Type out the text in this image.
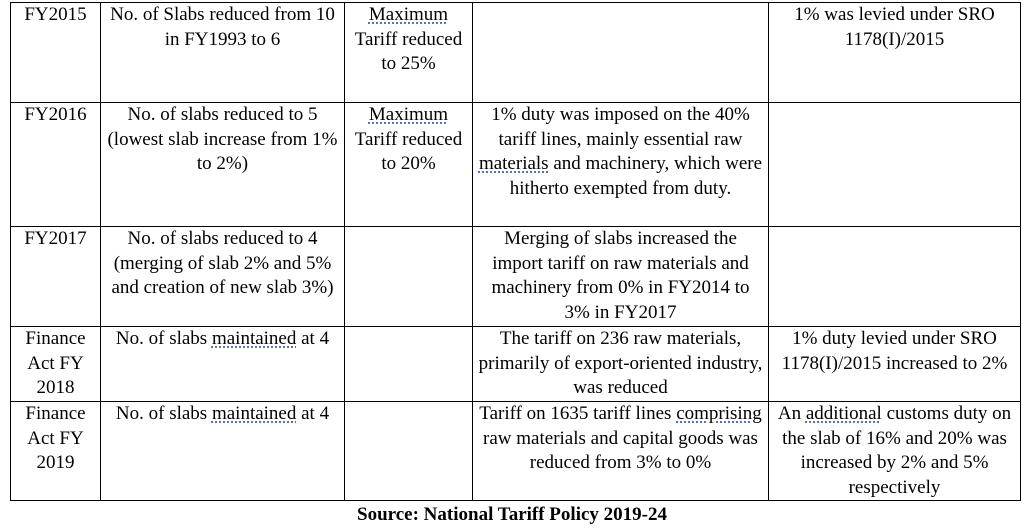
FY2015	No. of Slabs reduced from 10 in FY1993 to 6	Maximum Tariff reduced to 25%		1% was levied under SRO 1178(I)/2015
FY2016	No. of slabs reduced to 5 (lowest slab increase from 1% to 2%)	Maximum Tariff reduced to 20%	1% duty was imposed on the 40% tariff lines, mainly essential raw materials and machinery, which were hitherto exempted from duty.	
FY2017	No. of slabs reduced to 4 (merging of slab 2% and 5% and creation of new slab 3%)		Merging of slabs increased the import tariff on raw materials and machinery from 0% in FY2014 to 3% in FY2017	
Finance Act FY 2018	No. of slabs maintained at 4		The tariff on 236 raw materials, primarily of export-oriented industry, was reduced	1% duty levied under SRO 1178(I)/2015 increased to 2%
Finance Act FY 2019	No. of slabs maintained at 4		Tariff on 1635 tariff lines comprising raw materials and capital goods was reduced from 3% to 0%	An additional customs duty on the slab of 16% and 20% was increased by 2% and 5% respectively
Source: National Tariff Policy 2019-24
